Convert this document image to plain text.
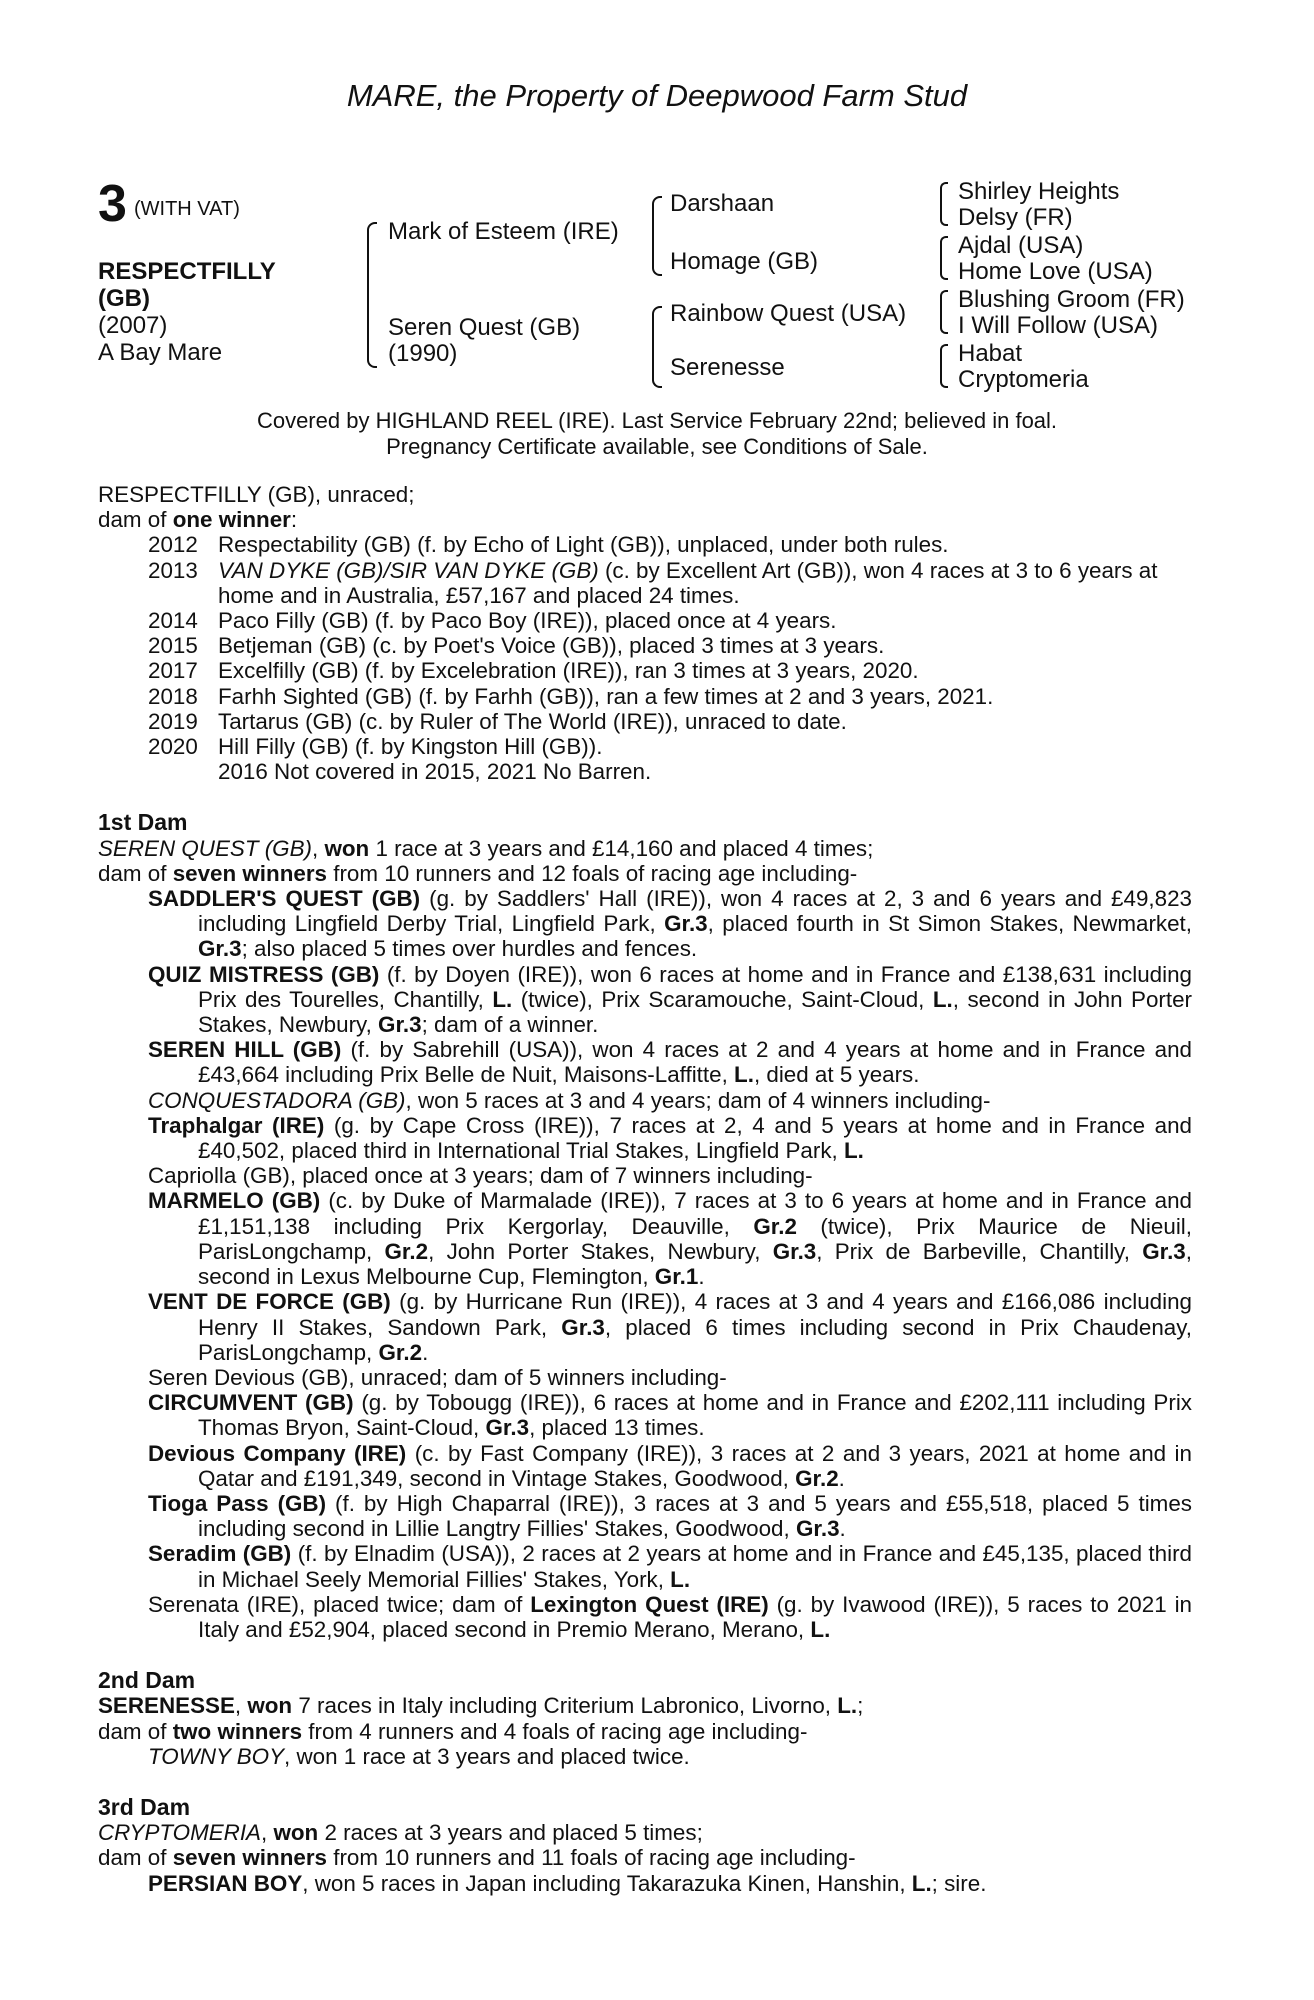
MARE, the Property of Deepwood Farm Stud
3 (WITH VAT)
RESPECTFILLY
(GB)
(2007)
A Bay Mare
Mark of Esteem (IRE)
Seren Quest (GB)
(1990)
Darshaan
Homage (GB)
Rainbow Quest (USA)
Serenesse
Shirley Heights
Delsy (FR)
Ajdal (USA)
Home Love (USA)
Blushing Groom (FR)
I Will Follow (USA)
Habat
Cryptomeria
Covered by HIGHLAND REEL (IRE). Last Service February 22nd; believed in foal.
Pregnancy Certificate available, see Conditions of Sale.

RESPECTFILLY (GB), unraced;

dam of one winner:

2012 Respectability (GB) (f. by Echo of Light (GB)), unplaced, under both rules.
2013 VAN DYKE (GB)/SIR VAN DYKE (GB) (c. by Excellent Art (GB)), won 4 races at 3 to 6 years at home and in Australia, £57,167 and placed 24 times.
2014 Paco Filly (GB) (f. by Paco Boy (IRE)), placed once at 4 years.
2015 Betjeman (GB) (c. by Poet's Voice (GB)), placed 3 times at 3 years.
2017 Excelfilly (GB) (f. by Excelebration (IRE)), ran 3 times at 3 years, 2020.
2018 Farhh Sighted (GB) (f. by Farhh (GB)), ran a few times at 2 and 3 years, 2021.
2019 Tartarus (GB) (c. by Ruler of The World (IRE)), unraced to date.
2020 Hill Filly (GB) (f. by Kingston Hill (GB)).
2016 Not covered in 2015, 2021 No Barren.

1st Dam

SEREN QUEST (GB), won 1 race at 3 years and £14,160 and placed 4 times;

dam of seven winners from 10 runners and 12 foals of racing age including-

SADDLER'S QUEST (GB) (g. by Saddlers' Hall (IRE)), won 4 races at 2, 3 and 6 years and £49,823 including Lingfield Derby Trial, Lingfield Park, Gr.3, placed fourth in St Simon Stakes, Newmarket, Gr.3; also placed 5 times over hurdles and fences.

QUIZ MISTRESS (GB) (f. by Doyen (IRE)), won 6 races at home and in France and £138,631 including Prix des Tourelles, Chantilly, L. (twice), Prix Scaramouche, Saint-Cloud, L., second in John Porter Stakes, Newbury, Gr.3; dam of a winner.

SEREN HILL (GB) (f. by Sabrehill (USA)), won 4 races at 2 and 4 years at home and in France and £43,664 including Prix Belle de Nuit, Maisons-Laffitte, L., died at 5 years.

CONQUESTADORA (GB), won 5 races at 3 and 4 years; dam of 4 winners including-

Traphalgar (IRE) (g. by Cape Cross (IRE)), 7 races at 2, 4 and 5 years at home and in France and £40,502, placed third in International Trial Stakes, Lingfield Park, L.

Capriolla (GB), placed once at 3 years; dam of 7 winners including-

MARMELO (GB) (c. by Duke of Marmalade (IRE)), 7 races at 3 to 6 years at home and in France and £1,151,138 including Prix Kergorlay, Deauville, Gr.2 (twice), Prix Maurice de Nieuil, ParisLongchamp, Gr.2, John Porter Stakes, Newbury, Gr.3, Prix de Barbeville, Chantilly, Gr.3, second in Lexus Melbourne Cup, Flemington, Gr.1.

VENT DE FORCE (GB) (g. by Hurricane Run (IRE)), 4 races at 3 and 4 years and £166,086 including Henry II Stakes, Sandown Park, Gr.3, placed 6 times including second in Prix Chaudenay, ParisLongchamp, Gr.2.

Seren Devious (GB), unraced; dam of 5 winners including-

CIRCUMVENT (GB) (g. by Tobougg (IRE)), 6 races at home and in France and £202,111 including Prix Thomas Bryon, Saint-Cloud, Gr.3, placed 13 times.

Devious Company (IRE) (c. by Fast Company (IRE)), 3 races at 2 and 3 years, 2021 at home and in Qatar and £191,349, second in Vintage Stakes, Goodwood, Gr.2.

Tioga Pass (GB) (f. by High Chaparral (IRE)), 3 races at 3 and 5 years and £55,518, placed 5 times including second in Lillie Langtry Fillies' Stakes, Goodwood, Gr.3.

Seradim (GB) (f. by Elnadim (USA)), 2 races at 2 years at home and in France and £45,135, placed third in Michael Seely Memorial Fillies' Stakes, York, L.

Serenata (IRE), placed twice; dam of Lexington Quest (IRE) (g. by Ivawood (IRE)), 5 races to 2021 in Italy and £52,904, placed second in Premio Merano, Merano, L.

2nd Dam

SERENESSE, won 7 races in Italy including Criterium Labronico, Livorno, L.;

dam of two winners from 4 runners and 4 foals of racing age including-

TOWNY BOY, won 1 race at 3 years and placed twice.

3rd Dam

CRYPTOMERIA, won 2 races at 3 years and placed 5 times;

dam of seven winners from 10 runners and 11 foals of racing age including-

PERSIAN BOY, won 5 races in Japan including Takarazuka Kinen, Hanshin, L.; sire.
